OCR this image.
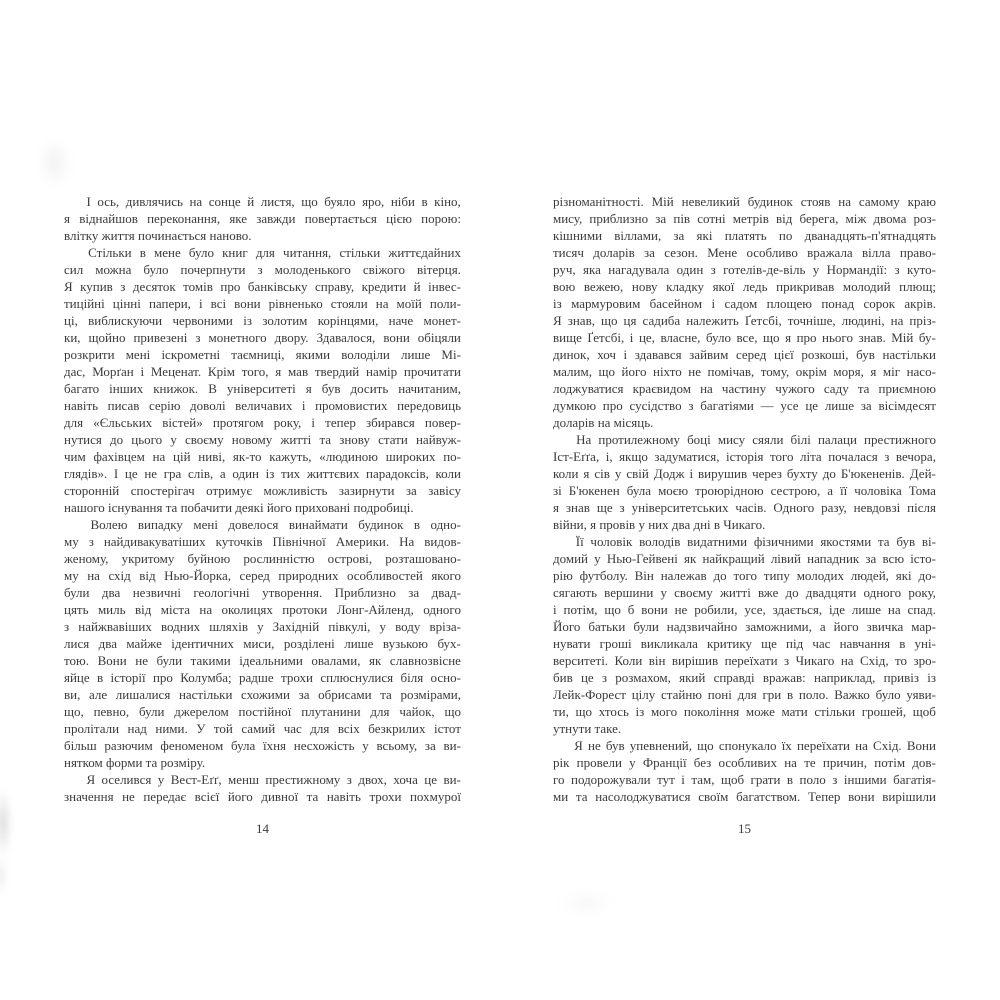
І ось, дивлячись на сонце й листя, що буяло яро, ніби в кіно,
я віднайшов переконання, яке завжди повертається цією порою:
влітку життя починається наново.
Стільки в мене було книг для читання, стільки життєдайних
сил можна було почерпнути з молоденького свіжого вітерця.
Я купив з десяток томів про банківську справу, кредити й інвес-
тиційні цінні папери, і всі вони рівненько стояли на моїй поли-
ці, виблискуючи червоними із золотим корінцями, наче монет-
ки, щойно привезені з монетного двору. Здавалося, вони обіцяли
розкрити мені іскрометні таємниці, якими володіли лише Мі-
дас, Морґан і Меценат. Крім того, я мав твердий намір прочитати
багато інших книжок. В університеті я був досить начитаним,
навіть писав серію доволі величавих і промовистих передовиць
для «Єльських вістей» протягом року, і тепер збирався повер-
нутися до цього у своєму новому житті та знову стати найвуж-
чим фахівцем на цій ниві, як-то кажуть, «людиною широких по-
глядів». І це не гра слів, а один із тих життєвих парадоксів, коли
сторонній спостерігач отримує можливість зазирнути за завісу
нашого існування та побачити деякі його приховані подробиці.
Волею випадку мені довелося винаймати будинок в одно-
му з найдивакуватіших куточків Північної Америки. На видов-
женому, укритому буйною рослинністю острові, розташовано-
му на схід від Нью-Йорка, серед природних особливостей якого
були два незвичні геологічні утворення. Приблизно за двад-
цять миль від міста на околицях протоки Лонг-Айленд, одного
з найжвавіших водних шляхів у Західній півкулі, у воду вріза-
лися два майже ідентичних миси, розділені лише вузькою бух-
тою. Вони не були такими ідеальними овалами, як славнозвісне
яйце в історії про Колумба; радше трохи сплюснулися біля осно-
ви, але лишалися настільки схожими за обрисами та розмірами,
що, певно, були джерелом постійної плутанини для чайок, що
пролітали над ними. У той самий час для всіх безкрилих істот
більш разючим феноменом була їхня несхожість у всьому, за ви-
нятком форми та розміру.
Я оселився у Вест-Еґґ, менш престижному з двох, хоча це ви-
значення не передає всієї його дивної та навіть трохи похмурої
різноманітності. Мій невеликий будинок стояв на самому краю
мису, приблизно за пів сотні метрів від берега, між двома роз-
кішними віллами, за які платять по дванадцять-п'ятнадцять
тисяч доларів за сезон. Мене особливо вражала вілла право-
руч, яка нагадувала один з готелів-де-віль у Нормандії: з куто-
вою вежею, нову кладку якої ледь прикривав молодий плющ;
із мармуровим басейном і садом площею понад сорок акрів.
Я знав, що ця садиба належить Ґетсбі, точніше, людині, на пріз-
вище Ґетсбі, і це, власне, було все, що я про нього знав. Мій бу-
динок, хоч і здавався зайвим серед цієї розкоші, був настільки
малим, що його ніхто не помічав, тому, окрім моря, я міг насо-
лоджуватися краєвидом на частину чужого саду та приємною
думкою про сусідство з багатіями — усе це лише за вісімдесят
доларів на місяць.
На протилежному боці мису сяяли білі палаци престижного
Іст-Еґґа, і, якщо задуматися, історія того літа почалася з вечора,
коли я сів у свій Додж і вирушив через бухту до Б'юкененів. Дей-
зі Б'юкенен була моєю троюрідною сестрою, а її чоловіка Тома
я знав ще з університетських часів. Одного разу, невдовзі після
війни, я провів у них два дні в Чикаго.
Її чоловік володів видатними фізичними якостями та був ві-
домий у Нью-Гейвені як найкращий лівий нападник за всю істо-
рію футболу. Він належав до того типу молодих людей, які до-
сягають вершини у своєму житті вже до двадцяти одного року,
і потім, що б вони не робили, усе, здається, іде лише на спад.
Його батьки були надзвичайно заможними, а його звичка мар-
нувати гроші викликала критику ще під час навчання в уні-
верситеті. Коли він вирішив переїхати з Чикаго на Схід, то зро-
бив це з розмахом, який справді вражав: наприклад, привіз із
Лейк-Форест цілу стайню поні для гри в поло. Важко було уяви-
ти, що хтось із мого покоління може мати стільки грошей, щоб
утнути таке.
Я не був упевнений, що спонукало їх переїхати на Схід. Вони
рік провели у Франції без особливих на те причин, потім дов-
го подорожували тут і там, щоб грати в поло з іншими багатія-
ми та насолоджуватися своїм багатством. Тепер вони вирішили
14	15
